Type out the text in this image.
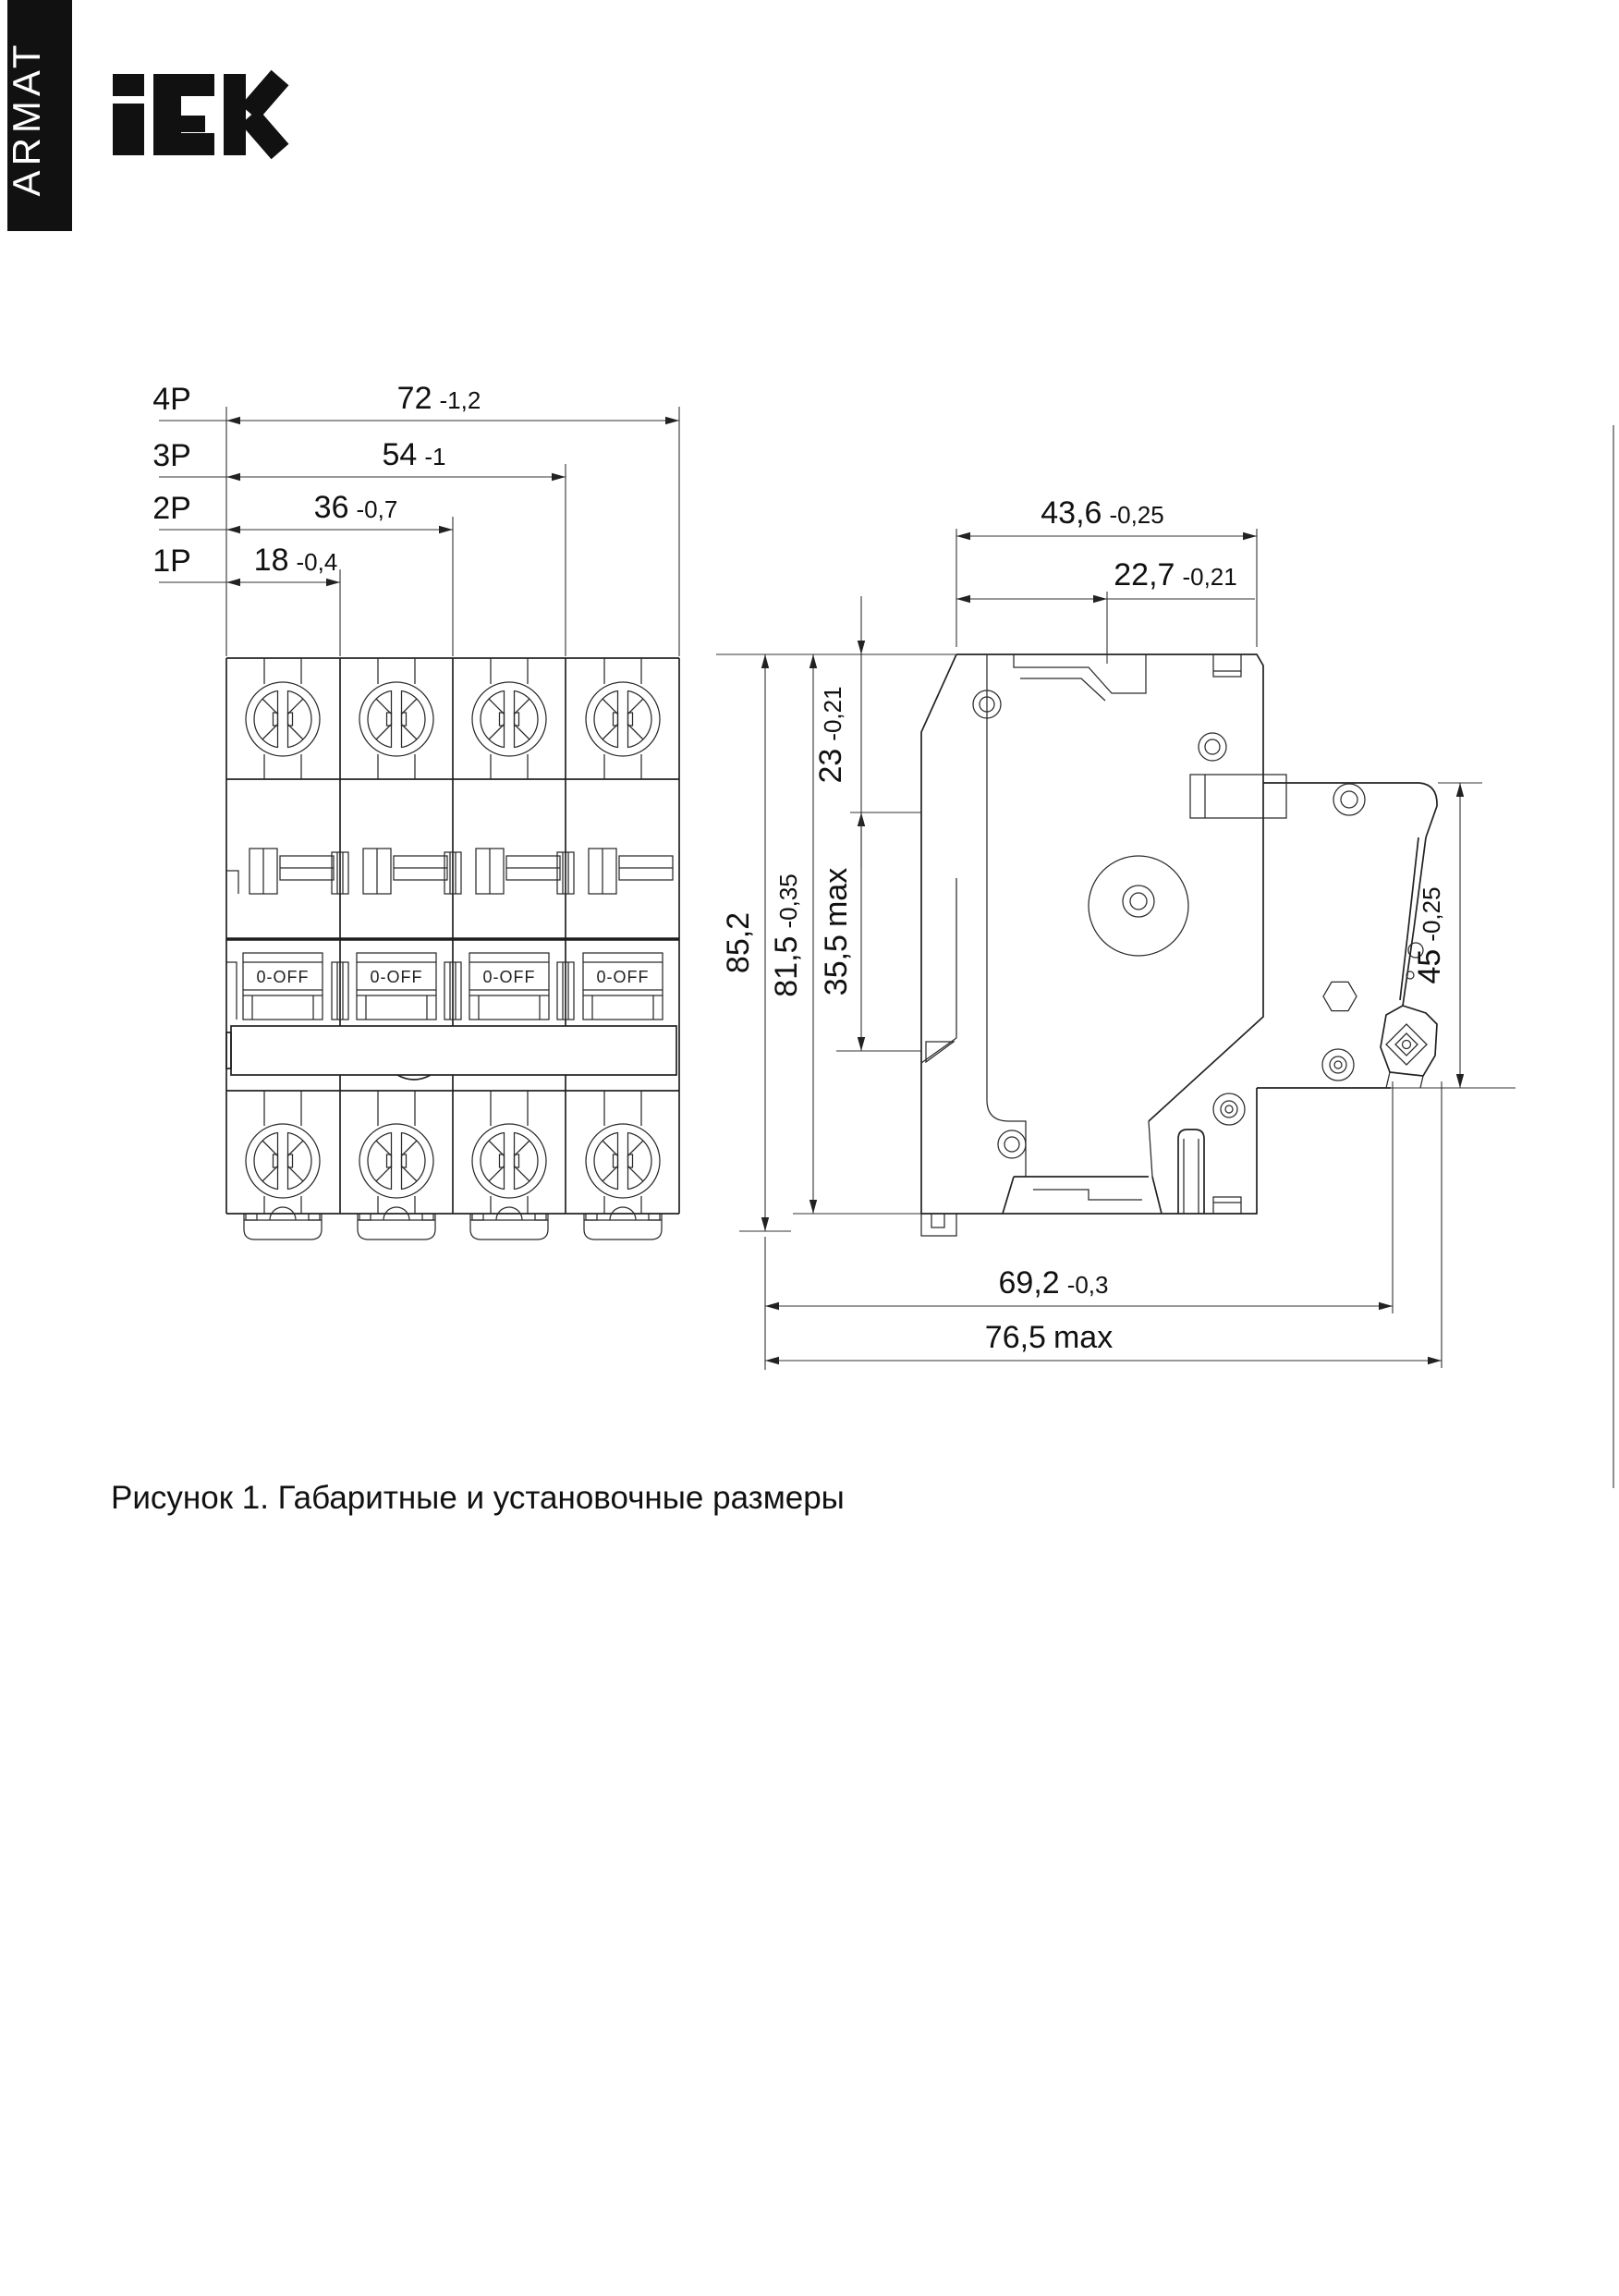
ARMAT
0-OFF	0-OFF	0-OFF	0-OFF
4P
3P
2P
1P
72 -1,2
54 -1
36 -0,7
18 -0,4
43,6 -0,25
22,7 -0,21
23-0,21
35,5max
85,2 81,5-0,35
45-0,25
69,2 -0,3
76,5 max
Рисунок 1. Габаритные и установочные размеры
